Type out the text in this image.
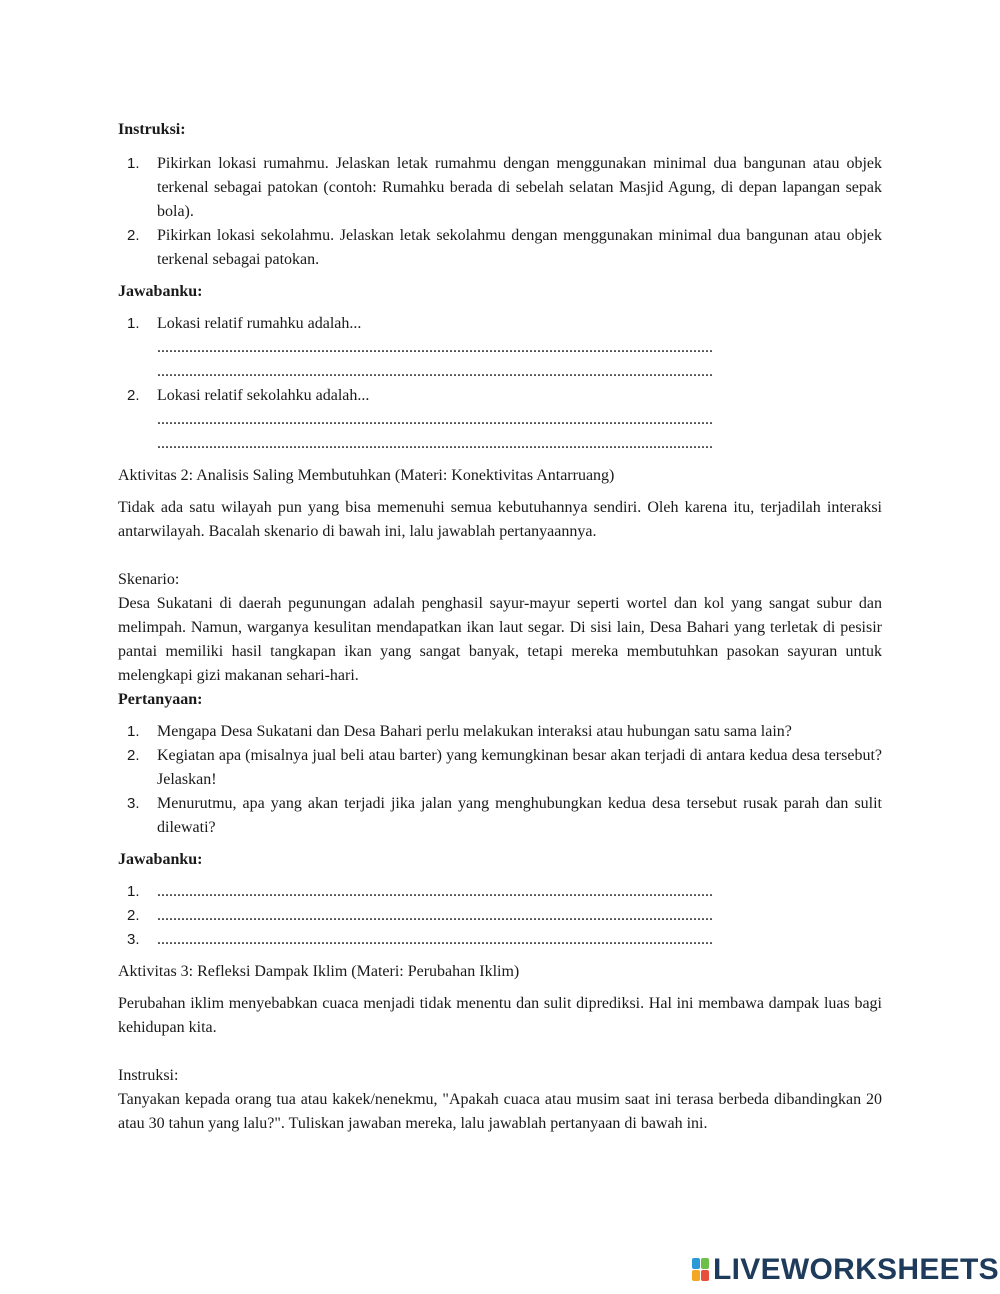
Instruksi:

1.	Pikirkan lokasi rumahmu. Jelaskan letak rumahmu dengan menggunakan minimal dua bangunan atau objek terkenal sebagai patokan (contoh: Rumahku berada di sebelah selatan Masjid Agung, di depan lapangan sepak bola).
2.	Pikirkan lokasi sekolahmu. Jelaskan letak sekolahmu dengan menggunakan minimal dua bangunan atau objek terkenal sebagai patokan.

Jawabanku:

1.	Lokasi relatif rumahku adalah...
...........................................................................................................................................
...........................................................................................................................................
2.	Lokasi relatif sekolahku adalah...
...........................................................................................................................................
...........................................................................................................................................

Aktivitas 2: Analisis Saling Membutuhkan (Materi: Konektivitas Antarruang)

Tidak ada satu wilayah pun yang bisa memenuhi semua kebutuhannya sendiri. Oleh karena itu, terjadilah interaksi antarwilayah. Bacalah skenario di bawah ini, lalu jawablah pertanyaannya.

Skenario:

Desa Sukatani di daerah pegunungan adalah penghasil sayur-mayur seperti wortel dan kol yang sangat subur dan melimpah. Namun, warganya kesulitan mendapatkan ikan laut segar. Di sisi lain, Desa Bahari yang terletak di pesisir pantai memiliki hasil tangkapan ikan yang sangat banyak, tetapi mereka membutuhkan pasokan sayuran untuk melengkapi gizi makanan sehari-hari.

Pertanyaan:

1.	Mengapa Desa Sukatani dan Desa Bahari perlu melakukan interaksi atau hubungan satu sama lain?
2.	Kegiatan apa (misalnya jual beli atau barter) yang kemungkinan besar akan terjadi di antara kedua desa tersebut? Jelaskan!
3.	Menurutmu, apa yang akan terjadi jika jalan yang menghubungkan kedua desa tersebut rusak parah dan sulit dilewati?

Jawabanku:

1.	...........................................................................................................................................
2.	...........................................................................................................................................
3.	...........................................................................................................................................

Aktivitas 3: Refleksi Dampak Iklim (Materi: Perubahan Iklim)

Perubahan iklim menyebabkan cuaca menjadi tidak menentu dan sulit diprediksi. Hal ini membawa dampak luas bagi kehidupan kita.

Instruksi:

Tanyakan kepada orang tua atau kakek/nenekmu, "Apakah cuaca atau musim saat ini terasa berbeda dibandingkan 20 atau 30 tahun yang lalu?". Tuliskan jawaban mereka, lalu jawablah pertanyaan di bawah ini.

LIVEWORKSHEETS
